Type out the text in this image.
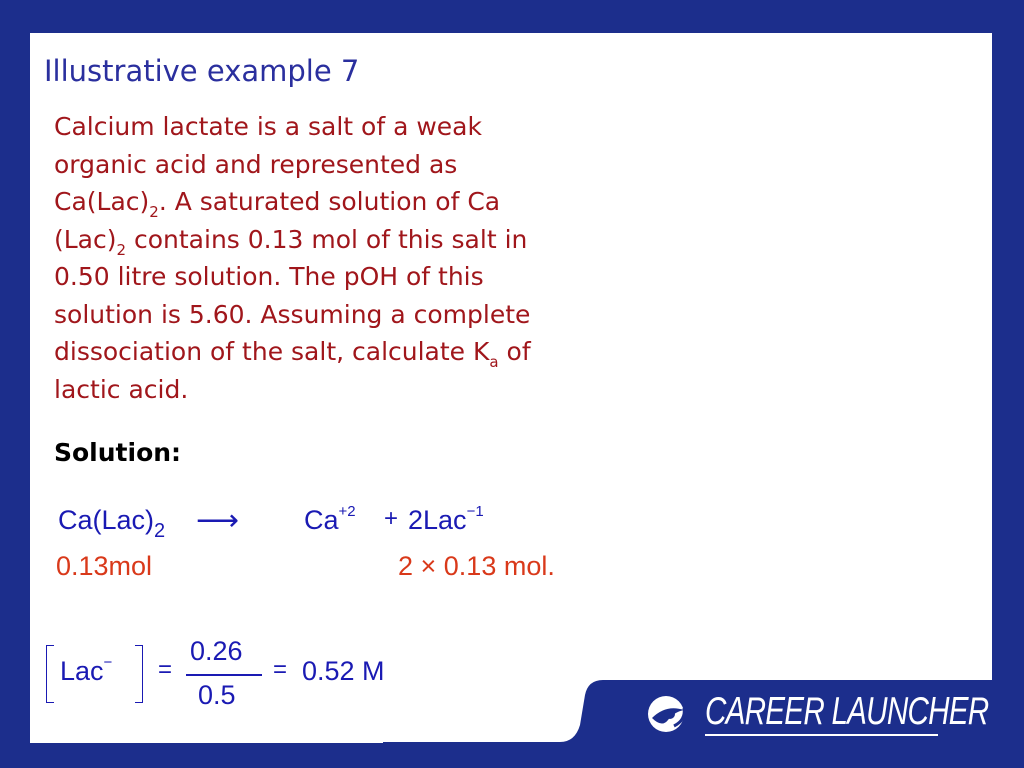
Illustrative example 7
Calcium lactate is a salt of a weak
organic acid and represented as
$Ca(Lac)_2$. A saturated solution of Ca
$(Lac)_2$ contains 0.13 mol of this salt in
0.50 litre solution. The pOH of this
solution is 5.60. Assuming a complete
dissociation of the salt, calculate $K_a$ of
lactic acid.
Solution:
$Ca(Lac)_2$ ⟶ $Ca^{+2} + 2Lac^{-1}$
0.13mol	2 × 0.13 mol.
Lac− =
0.26
0.5
= 0.52 M
CAREER LAUNCHER
